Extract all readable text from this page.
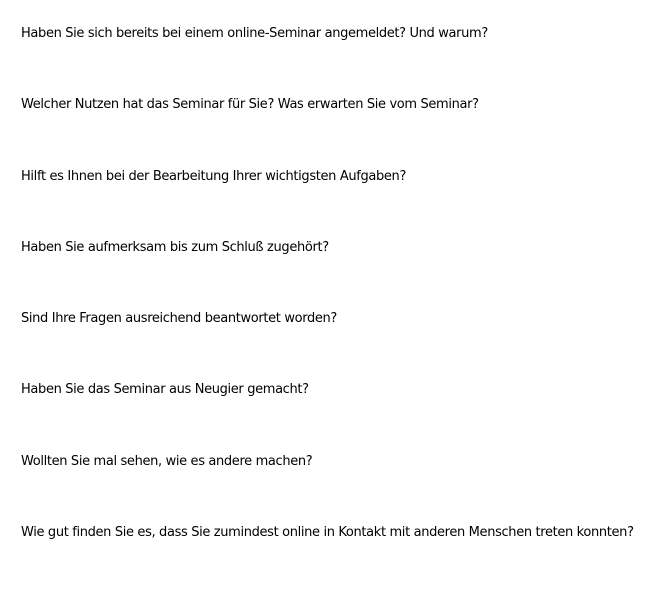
Haben Sie sich bereits bei einem online-Seminar angemeldet? Und warum?
Welcher Nutzen hat das Seminar für Sie? Was erwarten Sie vom Seminar?
Hilft es Ihnen bei der Bearbeitung Ihrer wichtigsten Aufgaben?
Haben Sie aufmerksam bis zum Schluß zugehört?
Sind Ihre Fragen ausreichend beantwortet worden?
Haben Sie das Seminar aus Neugier gemacht?
Wollten Sie mal sehen, wie es andere machen?
Wie gut finden Sie es, dass Sie zumindest online in Kontakt mit anderen Menschen treten konnten?
